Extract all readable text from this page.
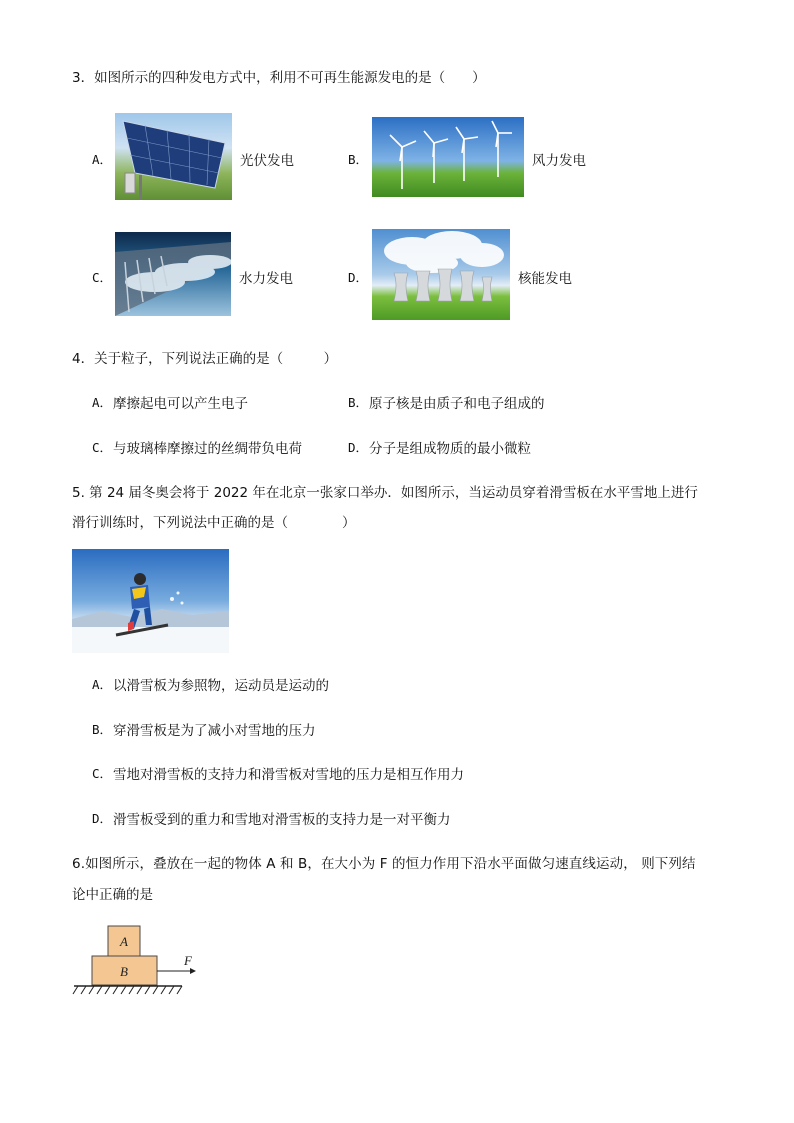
3．如图所示的四种发电方式中，利用不可再生能源发电的是（　　）
A．	光伏发电	B．	风力发电
C．	水力发电	D．	核能发电
4．关于粒子，下列说法正确的是（　　　）
A． 摩擦起电可以产生电子	B． 原子核是由质子和电子组成的
C． 与玻璃棒摩擦过的丝绸带负电荷	D． 分子是组成物质的最小微粒
5. 第 24 届冬奥会将于 2022 年在北京一张家口举办．如图所示，当运动员穿着滑雪板在水平雪地上进行
滑行训练时，下列说法中正确的是（　　　　）
A． 以滑雪板为参照物，运动员是运动的
B． 穿滑雪板是为了减小对雪地的压力
C． 雪地对滑雪板的支持力和滑雪板对雪地的压力是相互作用力
D． 滑雪板受到的重力和雪地对滑雪板的支持力是一对平衡力
6.如图所示，叠放在一起的物体 A 和 B，在大小为 F 的恒力作用下沿水平面做匀速直线运动， 则下列结
论中正确的是
A
B
F
